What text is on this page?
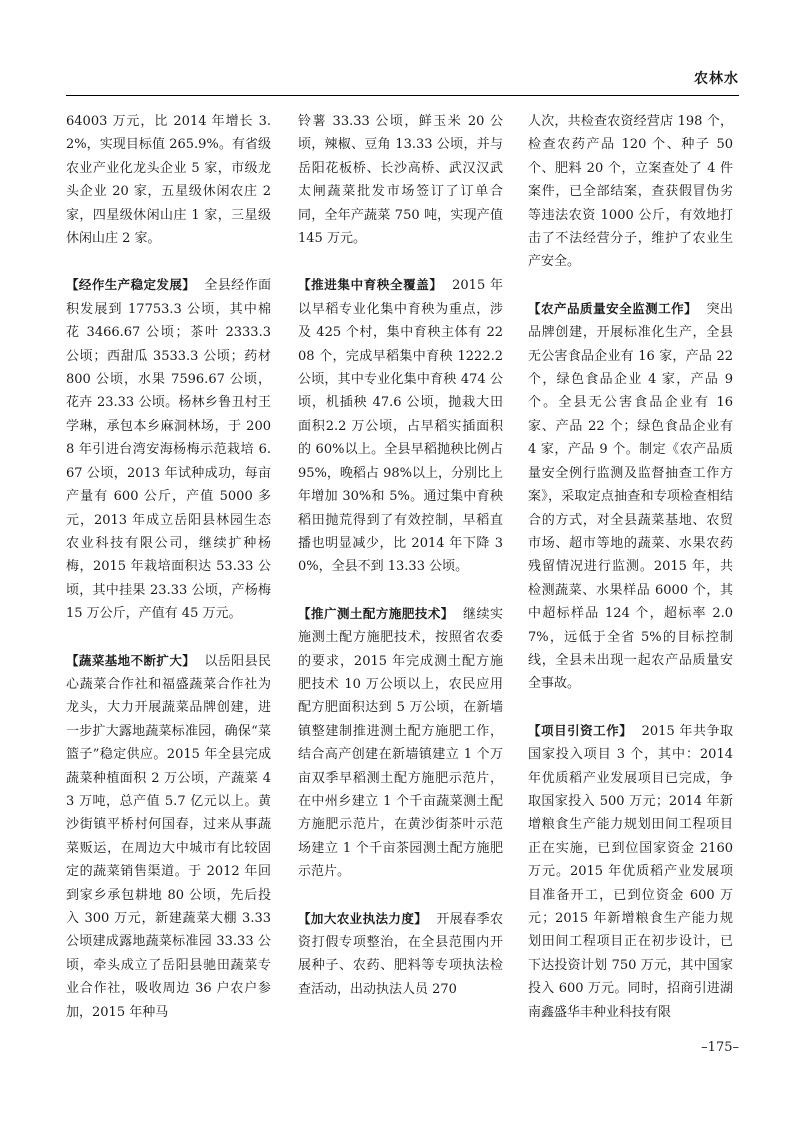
农林水

64003 万元，比 2014 年增长 3.2%，实现目标值 265.9%。有省级农业产业化龙头企业 5 家，市级龙头企业 20 家，五星级休闲农庄 2 家，四星级休闲山庄 1 家，三星级休闲山庄 2 家。

【经作生产稳定发展】 全县经作面积发展到 17753.3 公顷，其中棉花 3466.67 公顷；茶叶 2333.3 公顷；西甜瓜 3533.3 公顷；药材 800 公顷，水果 7596.67 公顷，花卉 23.33 公顷。杨林乡鲁丑村王学琳，承包本乡麻洞林场，于 2008 年引进台湾安海杨梅示范栽培 6.67 公顷，2013 年试种成功，每亩产量有 600 公斤，产值 5000 多元，2013 年成立岳阳县林园生态农业科技有限公司，继续扩种杨梅，2015 年栽培面积达 53.33 公顷，其中挂果 23.33 公顷，产杨梅 15 万公斤，产值有 45 万元。

【蔬菜基地不断扩大】 以岳阳县民心蔬菜合作社和福盛蔬菜合作社为龙头，大力开展蔬菜品牌创建，进一步扩大露地蔬菜标准园，确保“菜篮子”稳定供应。2015 年全县完成蔬菜种植面积 2 万公顷，产蔬菜 43 万吨，总产值 5.7 亿元以上。黄沙街镇平桥村何国春，过来从事蔬菜贩运，在周边大中城市有比较固定的蔬菜销售渠道。于 2012 年回到家乡承包耕地 80 公顷，先后投入 300 万元，新建蔬菜大棚 3.33 公顷建成露地蔬菜标准园 33.33 公顷，牵头成立了岳阳县驰田蔬菜专业合作社，吸收周边 36 户农户参加，2015 年种马

铃薯 33.33 公顷，鲜玉米 20 公顷，辣椒、豆角 13.33 公顷，并与岳阳花板桥、长沙高桥、武汉汉武太闸蔬菜批发市场签订了订单合同，全年产蔬菜 750 吨，实现产值 145 万元。

【推进集中育秧全覆盖】 2015 年以早稻专业化集中育秧为重点，涉及 425 个村，集中育秧主体有 2208 个，完成早稻集中育秧 1222.2 公顷，其中专业化集中育秧 474 公顷，机插秧 47.6 公顷，抛栽大田面积2.2 万公顷，占早稻实插面积的 60%以上。全县早稻抛秧比例占 95%，晚稻占 98%以上，分别比上年增加 30%和 5%。通过集中育秧稻田抛荒得到了有效控制，早稻直播也明显减少，比 2014 年下降 30%，全县不到 13.33 公顷。

【推广测土配方施肥技术】 继续实施测土配方施肥技术，按照省农委的要求，2015 年完成测土配方施肥技术 10 万公顷以上，农民应用配方肥面积达到 5 万公顷，在新墙镇整建制推进测土配方施肥工作，结合高产创建在新墙镇建立 1 个万亩双季早稻测土配方施肥示范片，在中州乡建立 1 个千亩蔬菜测土配方施肥示范片，在黄沙街茶叶示范场建立 1 个千亩茶园测土配方施肥示范片。

【加大农业执法力度】 开展春季农资打假专项整治，在全县范围内开展种子、农药、肥料等专项执法检查活动，出动执法人员 270

人次，共检查农资经营店 198 个，检查农药产品 120 个、种子 50 个、肥料 20 个，立案查处了 4 件案件，已全部结案，查获假冒伪劣等违法农资 1000 公斤，有效地打击了不法经营分子，维护了农业生产安全。

【农产品质量安全监测工作】 突出品牌创建，开展标准化生产，全县无公害食品企业有 16 家，产品 22 个，绿色食品企业 4 家，产品 9 个。全县无公害食品企业有 16 家、产品 22 个；绿色食品企业有 4 家，产品 9 个。制定《农产品质量安全例行监测及监督抽查工作方案》，采取定点抽查和专项检查相结合的方式，对全县蔬菜基地、农贸市场、超市等地的蔬菜、水果农药残留情况进行监测。2015 年，共检测蔬菜、水果样品 6000 个，其中超标样品 124 个，超标率 2.07%，远低于全省 5%的目标控制线，全县未出现一起农产品质量安全事故。

【项目引资工作】 2015 年共争取国家投入项目 3 个，其中：2014 年优质稻产业发展项目已完成，争取国家投入 500 万元；2014 年新增粮食生产能力规划田间工程项目正在实施，已到位国家资金 2160 万元。2015 年优质稻产业发展项目准备开工，已到位资金 600 万元；2015 年新增粮食生产能力规划田间工程项目正在初步设计，已下达投资计划 750 万元，其中国家投入 600 万元。同时，招商引进湖南鑫盛华丰种业科技有限

–175–
